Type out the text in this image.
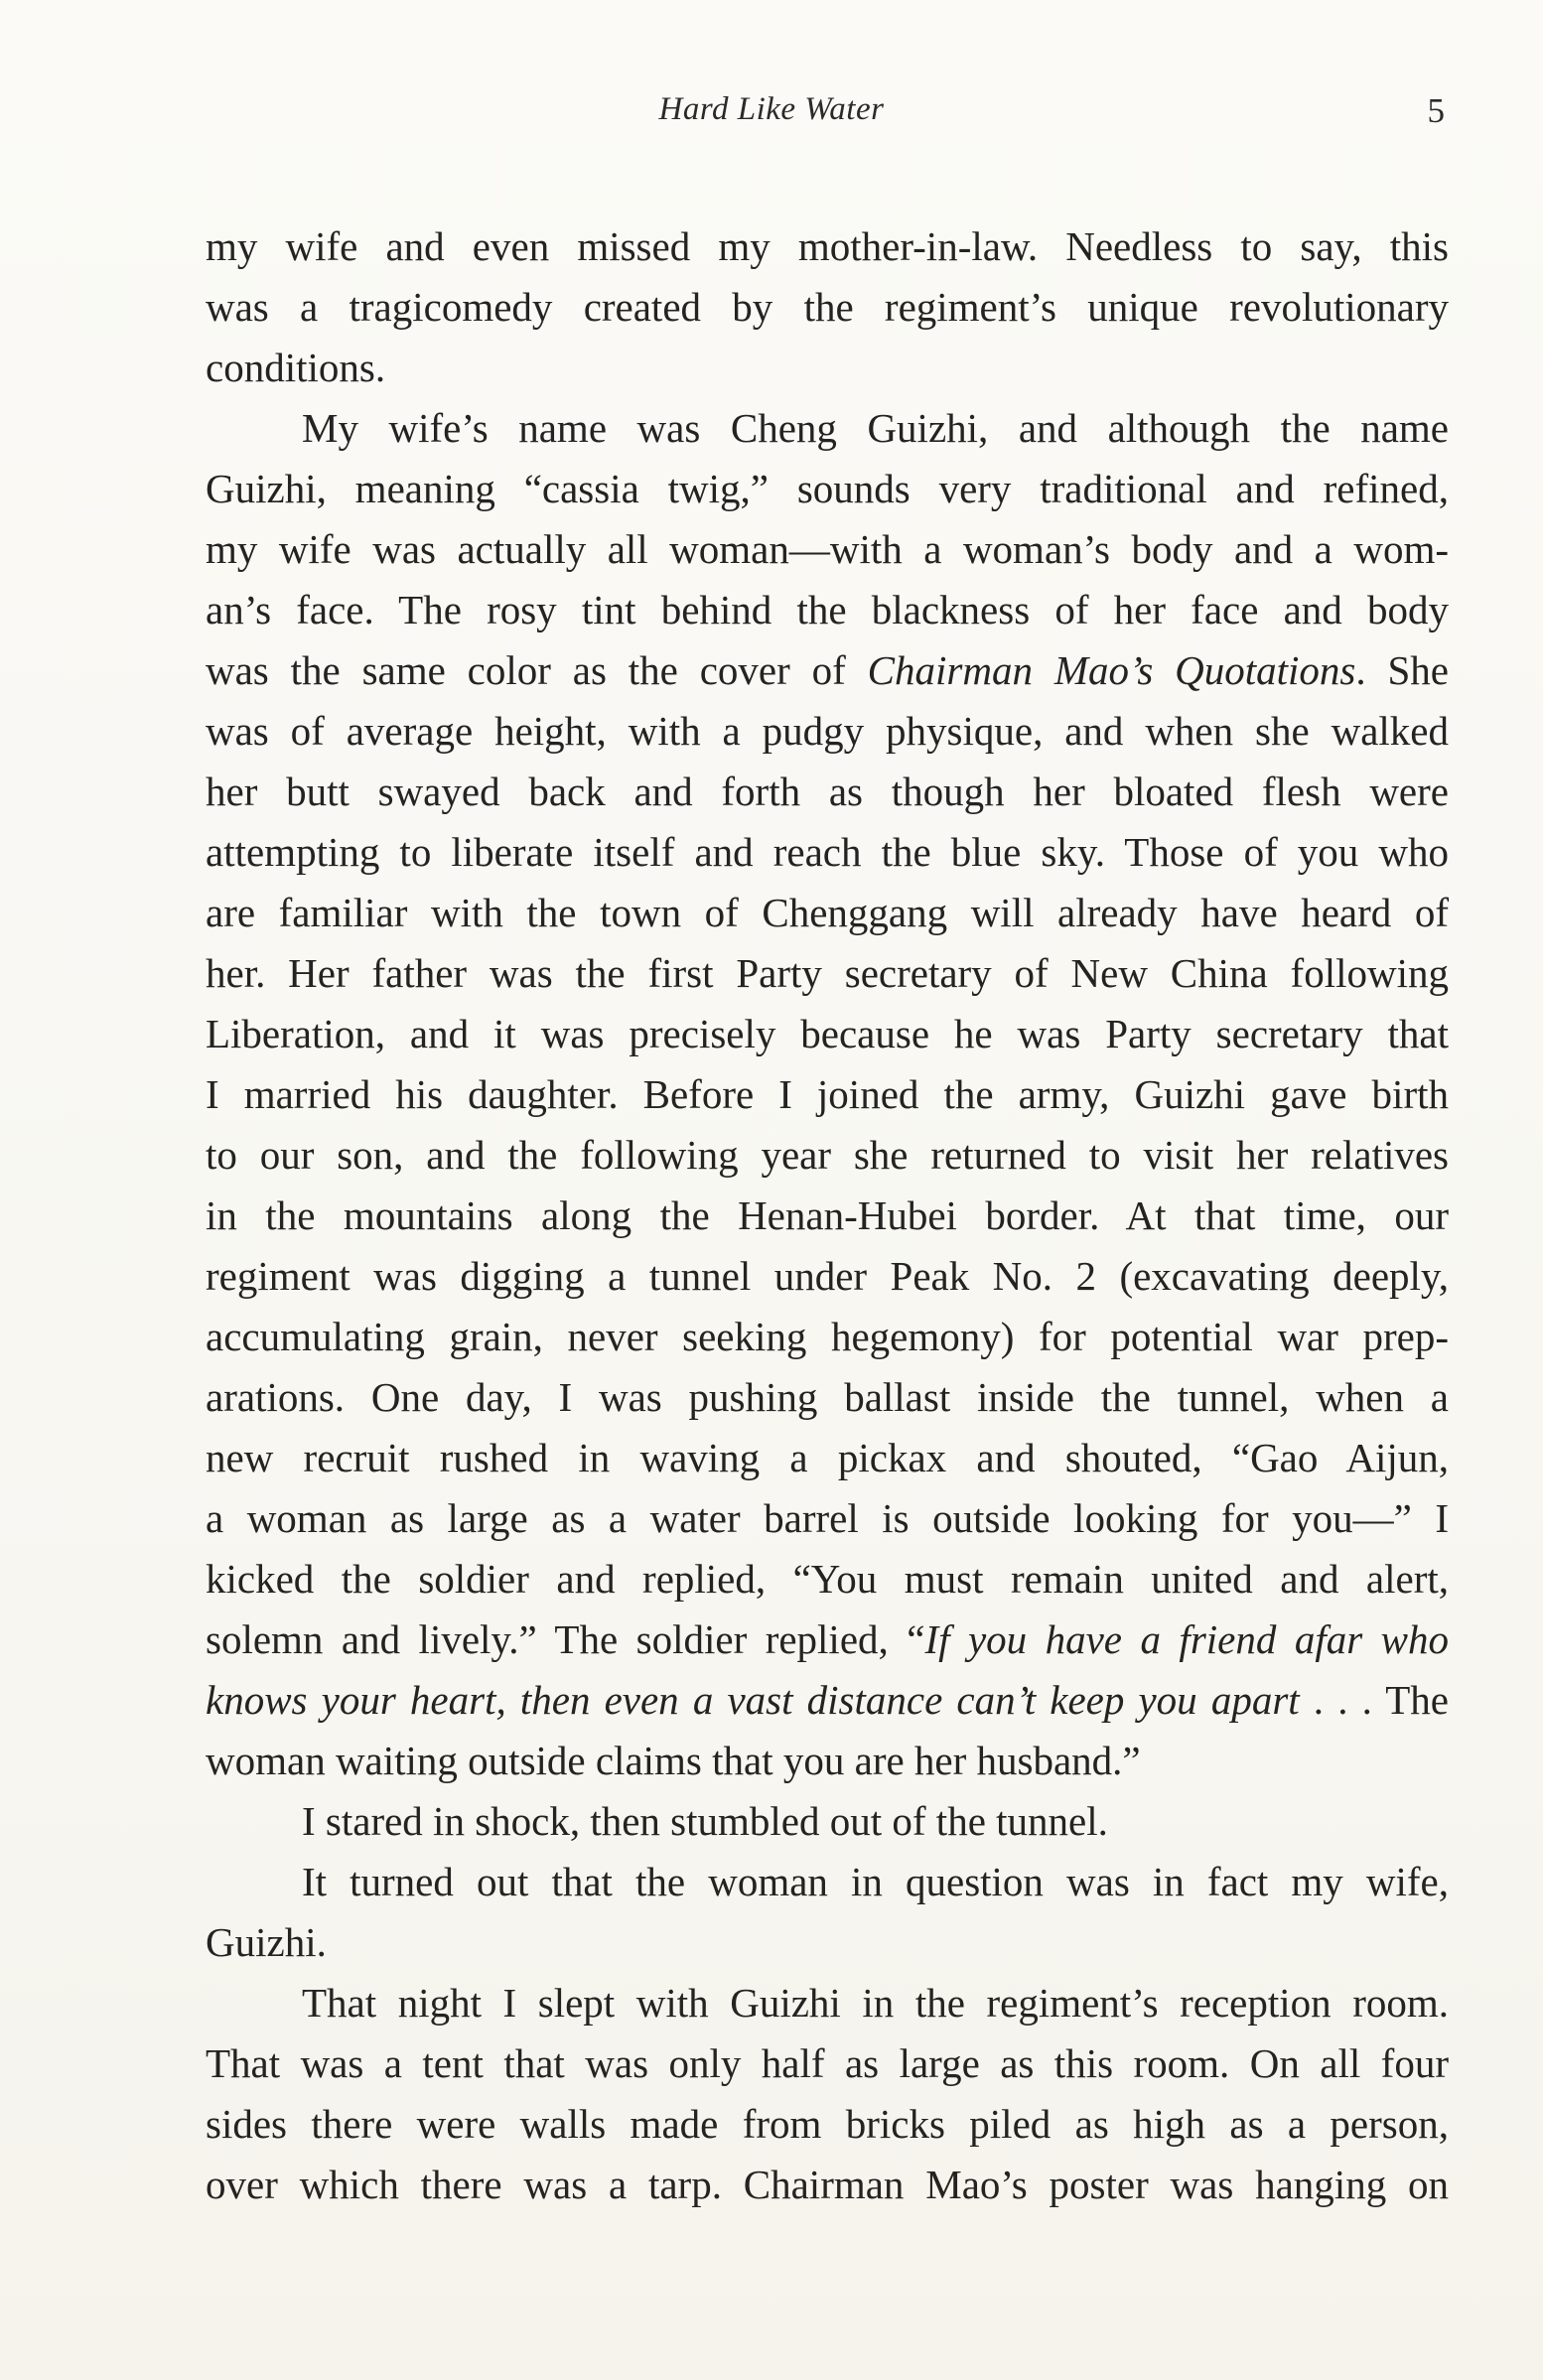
Hard Like Water	5
my wife and even missed my mother-in-law. Needless to say, this
was a tragicomedy created by the regiment’s unique revolutionary
conditions.
My wife’s name was Cheng Guizhi, and although the name
Guizhi, meaning “cassia twig,” sounds very traditional and refined,
my wife was actually all woman—with a woman’s body and a wom-
an’s face. The rosy tint behind the blackness of her face and body
was the same color as the cover of Chairman Mao’s Quotations. She
was of average height, with a pudgy physique, and when she walked
her butt swayed back and forth as though her bloated flesh were
attempting to liberate itself and reach the blue sky. Those of you who
are familiar with the town of Chenggang will already have heard of
her. Her father was the first Party secretary of New China following
Liberation, and it was precisely because he was Party secretary that
I married his daughter. Before I joined the army, Guizhi gave birth
to our son, and the following year she returned to visit her relatives
in the mountains along the Henan-Hubei border. At that time, our
regiment was digging a tunnel under Peak No. 2 (excavating deeply,
accumulating grain, never seeking hegemony) for potential war prep-
arations. One day, I was pushing ballast inside the tunnel, when a
new recruit rushed in waving a pickax and shouted, “Gao Aijun,
a woman as large as a water barrel is outside looking for you—” I
kicked the soldier and replied, “You must remain united and alert,
solemn and lively.” The soldier replied, “If you have a friend afar who
knows your heart, then even a vast distance can’t keep you apart . . . The
woman waiting outside claims that you are her husband.”
I stared in shock, then stumbled out of the tunnel.
It turned out that the woman in question was in fact my wife,
Guizhi.
That night I slept with Guizhi in the regiment’s reception room.
That was a tent that was only half as large as this room. On all four
sides there were walls made from bricks piled as high as a person,
over which there was a tarp. Chairman Mao’s poster was hanging on
